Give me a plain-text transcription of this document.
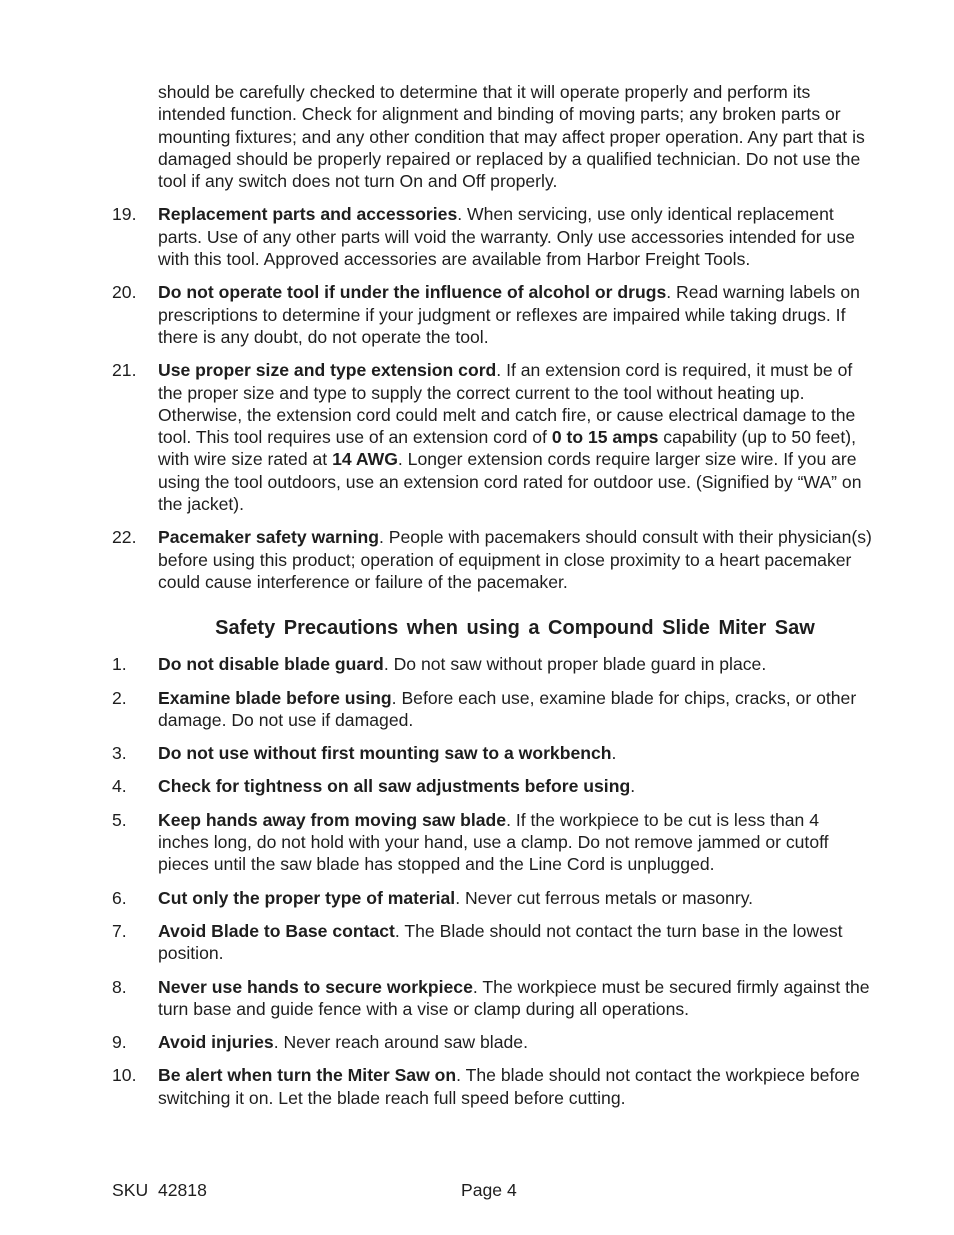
should be carefully checked to determine that it will operate properly and perform its intended function. Check for alignment and binding of moving parts; any broken parts or mounting fixtures; and any other condition that may affect proper operation. Any part that is damaged should be properly repaired or replaced by a qualified technician. Do not use the tool if any switch does not turn On and Off properly.

19.	Replacement parts and accessories. When servicing, use only identical replacement parts. Use of any other parts will void the warranty. Only use accessories intended for use with this tool. Approved accessories are available from Harbor Freight Tools.
20.	Do not operate tool if under the influence of alcohol or drugs. Read warning labels on prescriptions to determine if your judgment or reflexes are impaired while taking drugs. If there is any doubt, do not operate the tool.
21.	Use proper size and type extension cord. If an extension cord is required, it must be of the proper size and type to supply the correct current to the tool without heating up. Otherwise, the extension cord could melt and catch fire, or cause electrical damage to the tool. This tool requires use of an extension cord of 0 to 15 amps capability (up to 50 feet), with wire size rated at 14 AWG. Longer extension cords require larger size wire. If you are using the tool outdoors, use an extension cord rated for outdoor use. (Signified by “WA” on the jacket).
22.	Pacemaker safety warning. People with pacemakers should consult with their physician(s) before using this product; operation of equipment in close proximity to a heart pacemaker could cause interference or failure of the pacemaker.
Safety Precautions when using a Compound Slide Miter Saw
1.	Do not disable blade guard. Do not saw without proper blade guard in place.
2.	Examine blade before using. Before each use, examine blade for chips, cracks, or other damage. Do not use if damaged.
3.	Do not use without first mounting saw to a workbench.
4.	Check for tightness on all saw adjustments before using.
5.	Keep hands away from moving saw blade. If the workpiece to be cut is less than 4 inches long, do not hold with your hand, use a clamp. Do not remove jammed or cutoff pieces until the saw blade has stopped and the Line Cord is unplugged.
6.	Cut only the proper type of material. Never cut ferrous metals or masonry.
7.	Avoid Blade to Base contact. The Blade should not contact the turn base in the lowest position.
8.	Never use hands to secure workpiece. The workpiece must be secured firmly against the turn base and guide fence with a vise or clamp during all operations.
9.	Avoid injuries. Never reach around saw blade.
10.	Be alert when turn the Miter Saw on. The blade should not contact the workpiece before switching it on. Let the blade reach full speed before cutting.
SKU  42818	Page 4
